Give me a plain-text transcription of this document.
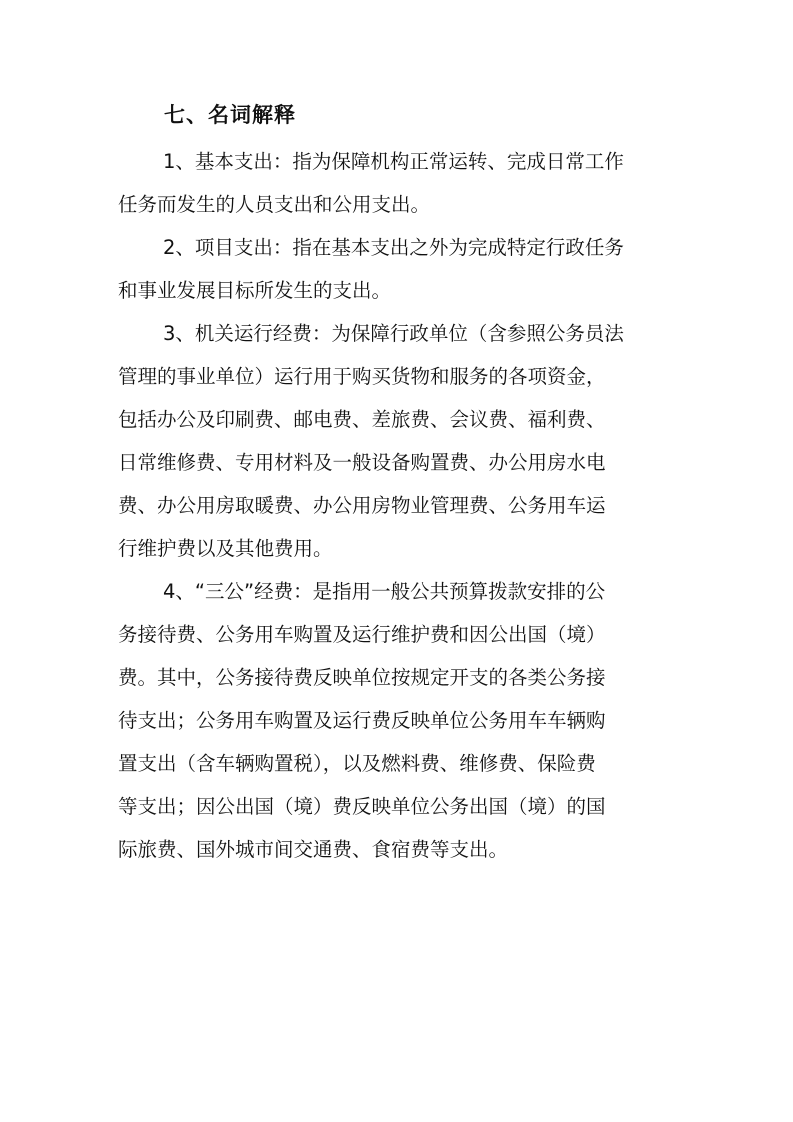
七、名词解释
1、基本支出：指为保障机构正常运转、完成日常工作
任务而发生的人员支出和公用支出。
2、项目支出：指在基本支出之外为完成特定行政任务
和事业发展目标所发生的支出。
3、机关运行经费：为保障行政单位（含参照公务员法
管理的事业单位）运行用于购买货物和服务的各项资金，
包括办公及印刷费、邮电费、差旅费、会议费、福利费、
日常维修费、专用材料及一般设备购置费、办公用房水电
费、办公用房取暖费、办公用房物业管理费、公务用车运
行维护费以及其他费用。
4、“三公”经费：是指用一般公共预算拨款安排的公
务接待费、公务用车购置及运行维护费和因公出国（境）
费。其中，公务接待费反映单位按规定开支的各类公务接
待支出；公务用车购置及运行费反映单位公务用车车辆购
置支出（含车辆购置税），以及燃料费、维修费、保险费
等支出；因公出国（境）费反映单位公务出国（境）的国
际旅费、国外城市间交通费、食宿费等支出。
